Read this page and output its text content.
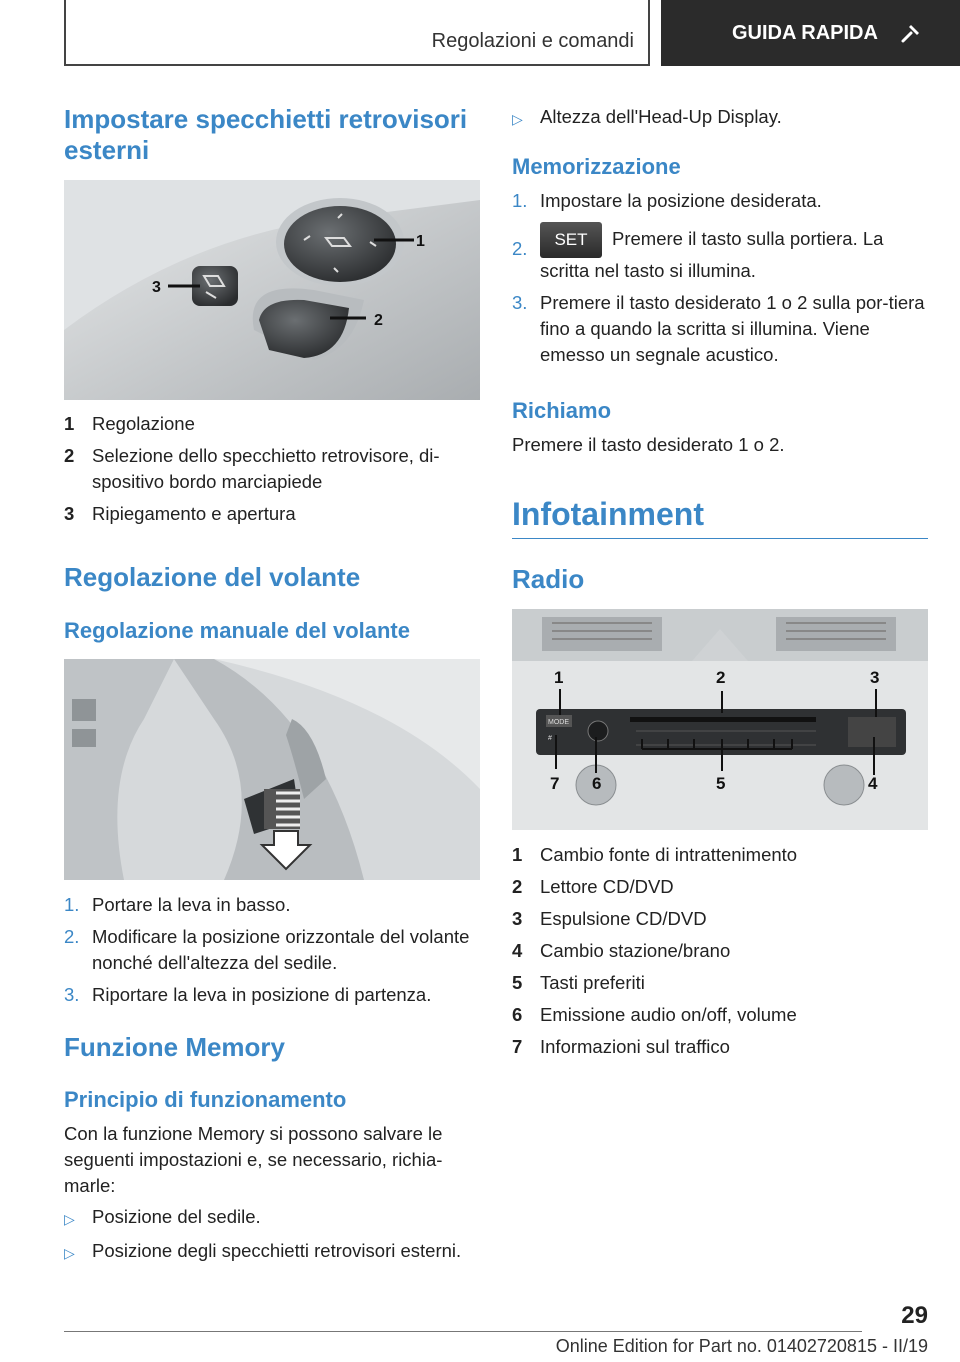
Regolazioni e comandi	GUIDA RAPIDA
Impostare specchietti retrovisori esterni
1
2
3
1 Regolazione
2 Selezione dello specchietto retrovisore, di-spositivo bordo marciapiede
3 Ripiegamento e apertura
Regolazione del volante
Regolazione manuale del volante
1. Portare la leva in basso.
2. Modificare la posizione orizzontale del volante nonché dell'altezza del sedile.
3. Riportare la leva in posizione di partenza.
Funzione Memory
Principio di funzionamento
Con la funzione Memory si possono salvare le seguenti impostazioni e, se necessario, richia-marle:
▷ Posizione del sedile.
▷ Posizione degli specchietti retrovisori esterni.
▷ Altezza dell'Head-Up Display.
Memorizzazione
1. Impostare la posizione desiderata.
2.	SET Premere il tasto sulla portiera. La scritta nel tasto si illumina.
3. Premere il tasto desiderato 1 o 2 sulla por-tiera fino a quando la scritta si illumina. Viene emesso un segnale acustico.
Richiamo
Premere il tasto desiderato 1 o 2.
Infotainment
Radio
MODE
#
1	2	3
4
5
6
7
1 Cambio fonte di intrattenimento
2 Lettore CD/DVD
3 Espulsione CD/DVD
4 Cambio stazione/brano
5 Tasti preferiti
6 Emissione audio on/off, volume
7 Informazioni sul traffico
29
Online Edition for Part no. 01402720815 - II/19
